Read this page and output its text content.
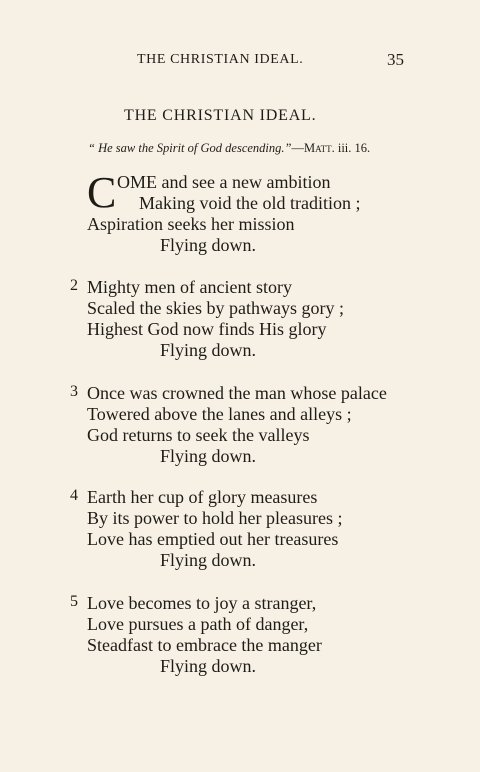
THE CHRISTIAN IDEAL.	35
THE CHRISTIAN IDEAL.
“ He saw the Spirit of God descending.”—Matt. iii. 16.
C OME and see a new ambition
Making void the old tradition ;
Aspiration seeks her mission
Flying down.
2 Mighty men of ancient story
Scaled the skies by pathways gory ;
Highest God now finds His glory
Flying down.
3 Once was crowned the man whose palace
Towered above the lanes and alleys ;
God returns to seek the valleys
Flying down.
4 Earth her cup of glory measures
By its power to hold her pleasures ;
Love has emptied out her treasures
Flying down.
5 Love becomes to joy a stranger,
Love pursues a path of danger,
Steadfast to embrace the manger
Flying down.
